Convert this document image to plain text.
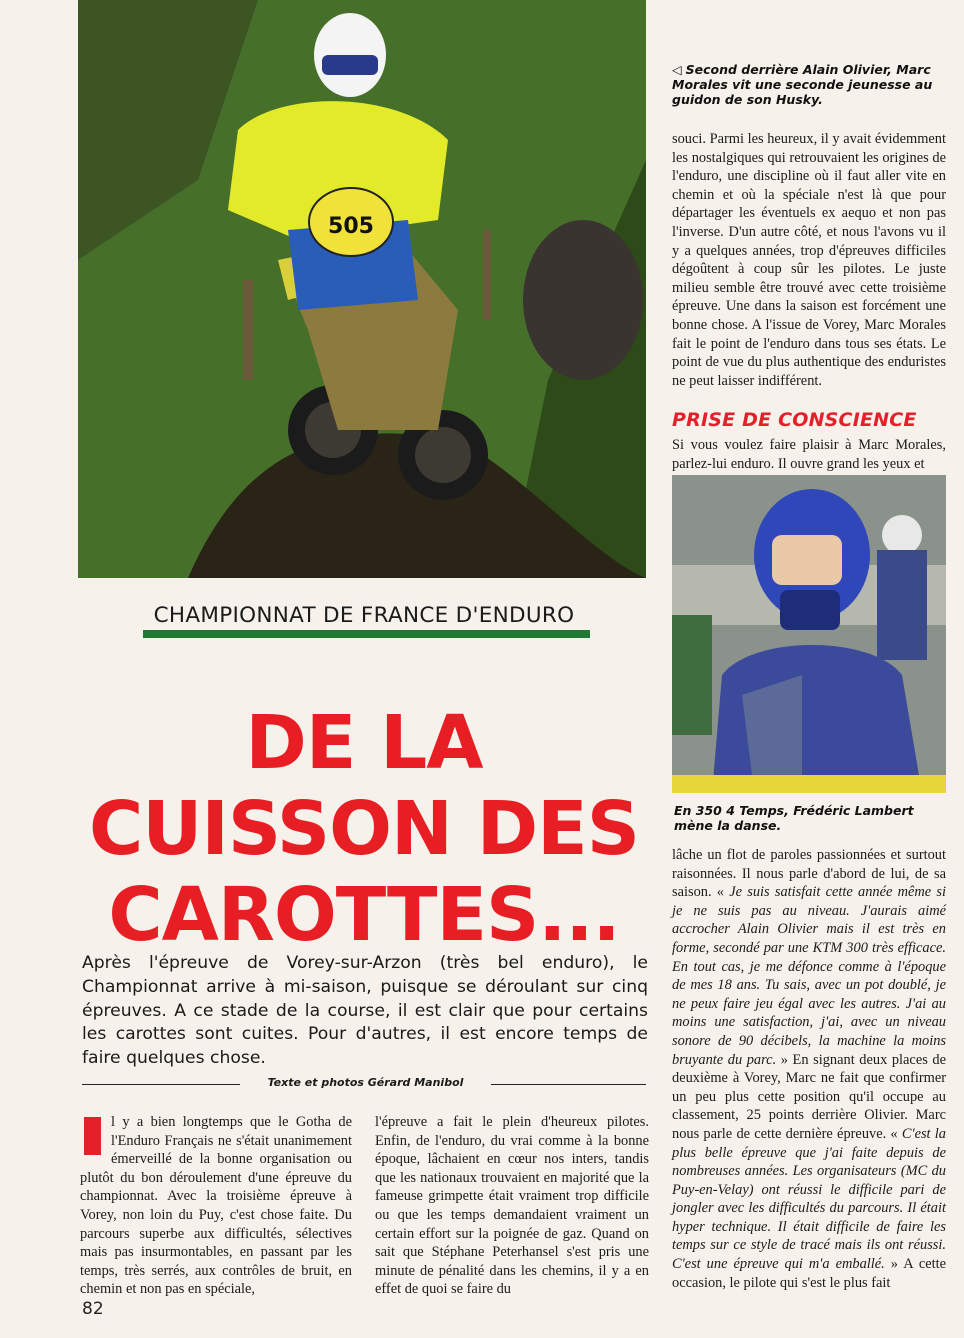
505
◁ Second derrière Alain Olivier, Marc Morales vit une seconde jeunesse au guidon de son Husky.

souci. Parmi les heureux, il y avait évidemment les nostalgiques qui retrouvaient les origines de l'enduro, une discipline où il faut aller vite en chemin et où la spéciale n'est là que pour départager les éventuels ex aequo et non pas l'inverse. D'un autre côté, et nous l'avons vu il y a quelques années, trop d'épreuves difficiles dégoûtent à coup sûr les pilotes. Le juste milieu semble être trouvé avec cette troisième épreuve. Une dans la saison est forcément une bonne chose. A l'issue de Vorey, Marc Morales fait le point de l'enduro dans tous ses états. Le point de vue du plus authentique des enduristes ne peut laisser indifférent.

PRISE DE CONSCIENCE

Si vous voulez faire plaisir à Marc Morales, parlez-lui enduro. Il ouvre grand les yeux et

En 350 4 Temps, Frédéric Lambert mène la danse.

lâche un flot de paroles passionnées et surtout raisonnées. Il nous parle d'abord de lui, de sa saison. « Je suis satisfait cette année même si je ne suis pas au niveau. J'aurais aimé accrocher Alain Olivier mais il est très en forme, secondé par une KTM 300 très efficace. En tout cas, je me défonce comme à l'époque de mes 18 ans. Tu sais, avec un pot doublé, je ne peux faire jeu égal avec les autres. J'ai au moins une satisfaction, j'ai, avec un niveau sonore de 90 décibels, la machine la moins bruyante du parc. » En signant deux places de deuxième à Vorey, Marc ne fait que confirmer un peu plus cette position qu'il occupe au classement, 25 points derrière Olivier. Marc nous parle de cette dernière épreuve. « C'est la plus belle épreuve que j'ai faite depuis de nombreuses années. Les organisateurs (MC du Puy-en-Velay) ont réussi le difficile pari de jongler avec les difficultés du parcours. Il était hyper technique. Il était difficile de faire les temps sur ce style de tracé mais ils ont réussi. C'est une épreuve qui m'a emballé. » A cette occasion, le pilote qui s'est le plus fait

CHAMPIONNAT DE FRANCE D'ENDURO
DE LA
CUISSON DES
CAROTTES...
Après l'épreuve de Vorey-sur-Arzon (très bel enduro), le Championnat arrive à mi-saison, puisque se déroulant sur cinq épreuves. A ce stade de la course, il est clair que pour certains les carottes sont cuites. Pour d'autres, il est encore temps de faire quelques chose.
Texte et photos Gérard Manibol

l y a bien longtemps que le Gotha de l'Enduro Français ne s'était unanimement émerveillé de la bonne organisation ou plutôt du bon déroulement d'une épreuve du championnat. Avec la troisième épreuve à Vorey, non loin du Puy, c'est chose faite. Du parcours superbe aux difficultés, sélectives mais pas insurmontables, en passant par les temps, très serrés, aux contrôles de bruit, en chemin et non pas en spéciale,

l'épreuve a fait le plein d'heureux pilotes. Enfin, de l'enduro, du vrai comme à la bonne époque, lâchaient en cœur nos inters, tandis que les nationaux trouvaient en majorité que la fameuse grimpette était vraiment trop difficile ou que les temps demandaient vraiment un certain effort sur la poignée de gaz. Quand on sait que Stéphane Peterhansel s'est pris une minute de pénalité dans les chemins, il y a en effet de quoi se faire du

82
